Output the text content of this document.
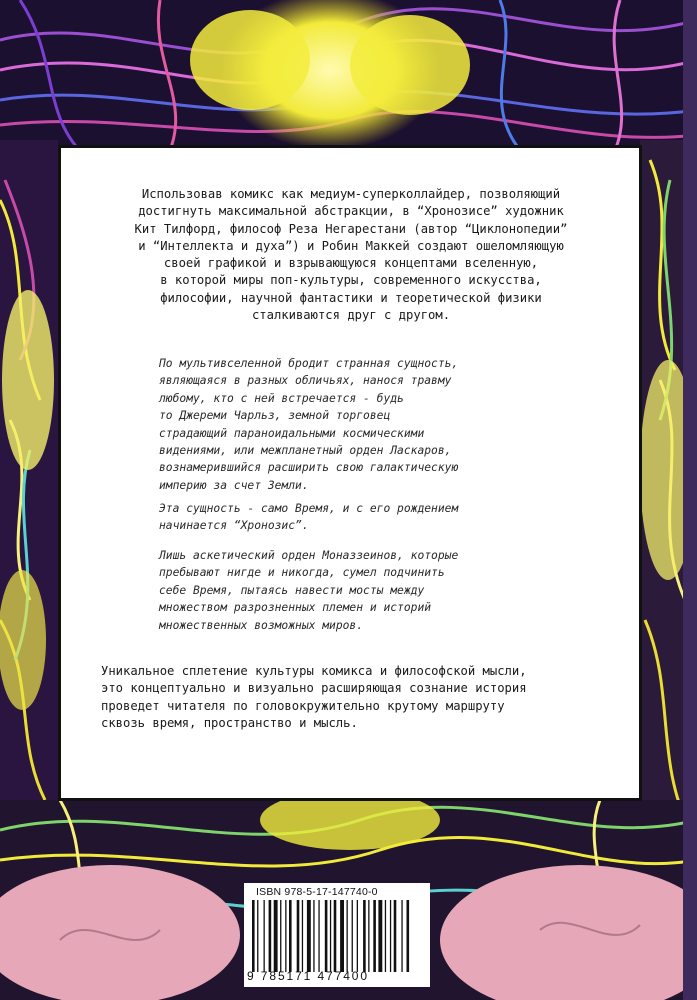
Использовав комикс как медиум-суперколлайдер, позволяющий
достигнуть максимальной абстракции, в “Хронозисе” художник
Кит Тилфорд, философ Реза Негарестани (автор “Циклонопедии”
и “Интеллекта и духа”) и Робин Маккей создают ошеломляющую
своей графикой и взрывающуюся концептами вселенную,
в которой миры поп-культуры, современного искусства,
философии, научной фантастики и теоретической физики
сталкиваются друг с другом.

По мультивселенной бродит странная сущность,
являющаяся в разных обличьях, нанося травму
любому, кто с ней встречается - будь
то Джереми Чарльз, земной торговец
страдающий параноидальными космическими
видениями, или межпланетный орден Ласкаров,
вознамерившийся расширить свою галактическую
империю за счет Земли.

Эта сущность - само Время, и с его рождением
начинается “Хронозис”.

Лишь аскетический орден Моназзеинов, которые
пребывают нигде и никогда, сумел подчинить
себе Время, пытаясь навести мосты между
множеством разрозненных племен и историй
множественных возможных миров.

Уникальное сплетение культуры комикса и философской мысли,
это концептуально и визуально расширяющая сознание история
проведет читателя по головокружительно крутому маршруту
сквозь время, пространство и мысль.

ISBN 978-5-17-147740-0
9 785171 477400
